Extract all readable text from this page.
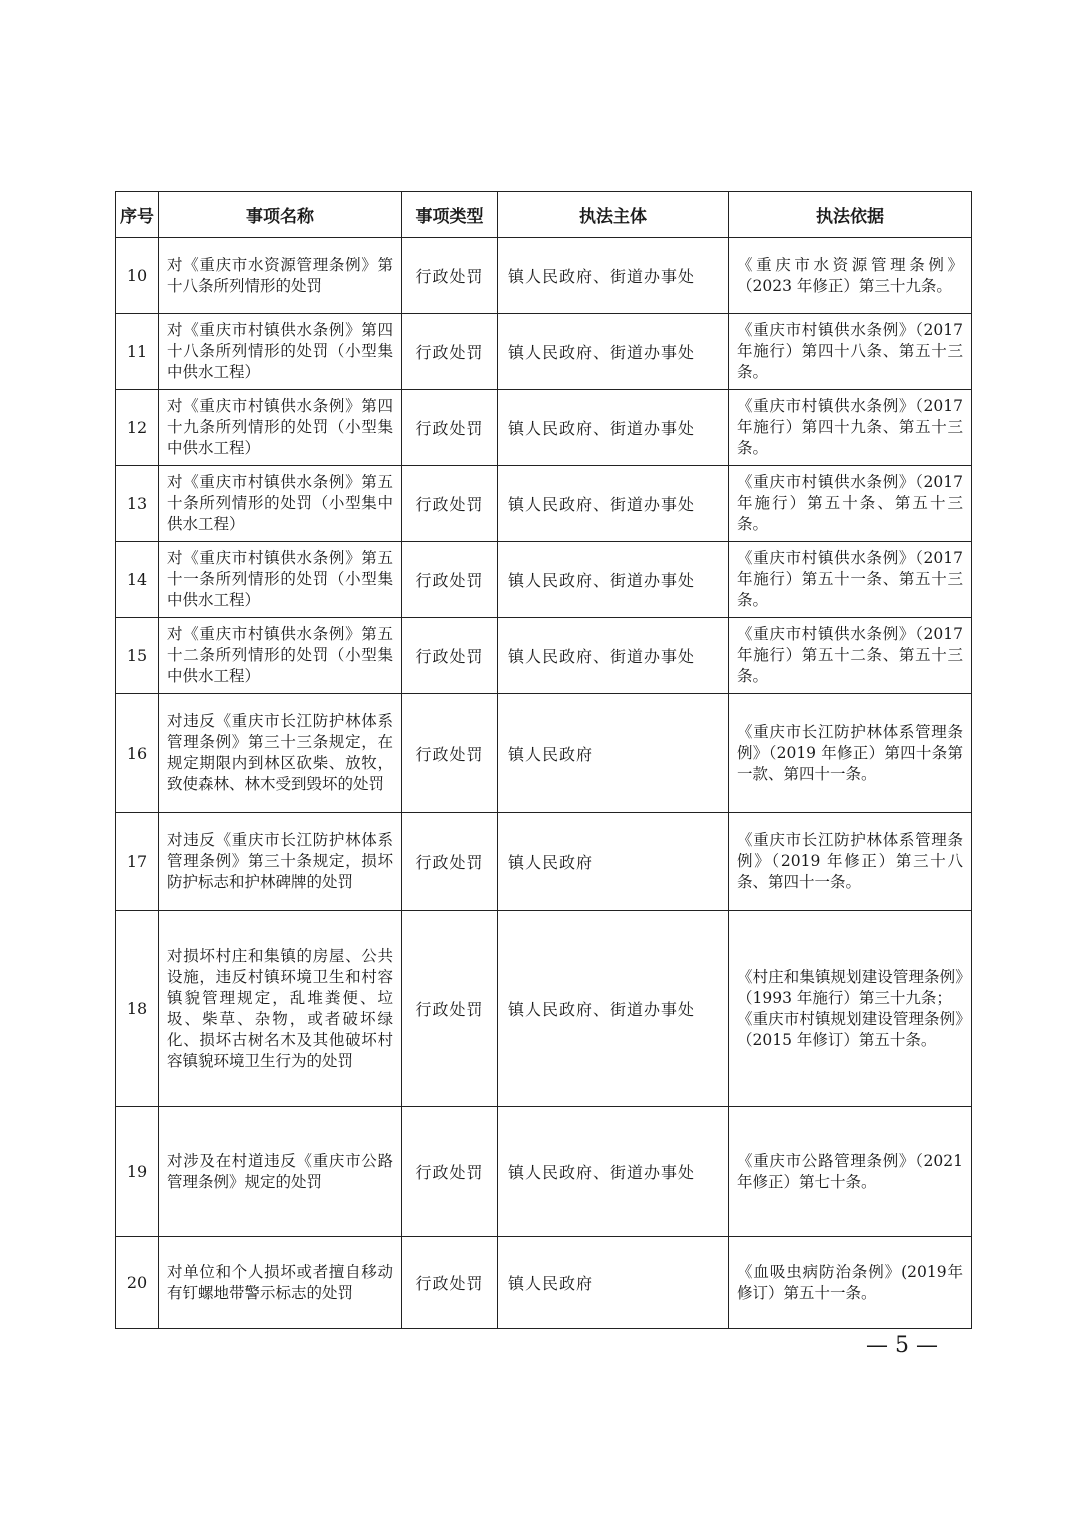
序号	事项名称	事项类型	执法主体	执法依据
10	对《重庆市水资源管理条例》第十八条所列情形的处罚	行政处罚	镇人民政府、街道办事处	《重庆市水资源管理条例》（2023 年修正）第三十九条。
11	对《重庆市村镇供水条例》第四十八条所列情形的处罚（小型集中供水工程）	行政处罚	镇人民政府、街道办事处	《重庆市村镇供水条例》（2017 年施行）第四十八条、第五十三条。
12	对《重庆市村镇供水条例》第四十九条所列情形的处罚（小型集中供水工程）	行政处罚	镇人民政府、街道办事处	《重庆市村镇供水条例》（2017 年施行）第四十九条、第五十三条。
13	对《重庆市村镇供水条例》第五十条所列情形的处罚（小型集中供水工程）	行政处罚	镇人民政府、街道办事处	《重庆市村镇供水条例》（2017 年施行）第五十条、第五十三条。
14	对《重庆市村镇供水条例》第五十一条所列情形的处罚（小型集中供水工程）	行政处罚	镇人民政府、街道办事处	《重庆市村镇供水条例》（2017 年施行）第五十一条、第五十三条。
15	对《重庆市村镇供水条例》第五十二条所列情形的处罚（小型集中供水工程）	行政处罚	镇人民政府、街道办事处	《重庆市村镇供水条例》（2017 年施行）第五十二条、第五十三条。
16	对违反《重庆市长江防护林体系管理条例》第三十三条规定，在规定期限内到林区砍柴、放牧，致使森林、林木受到毁坏的处罚	行政处罚	镇人民政府	《重庆市长江防护林体系管理条例》（2019 年修正）第四十条第一款、第四十一条。
17	对违反《重庆市长江防护林体系管理条例》第三十条规定，损坏防护标志和护林碑牌的处罚	行政处罚	镇人民政府	《重庆市长江防护林体系管理条例》（2019 年修正）第三十八条、第四十一条。
18	对损坏村庄和集镇的房屋、公共设施，违反村镇环境卫生和村容镇貌管理规定，乱堆粪便、垃圾、柴草、杂物，或者破坏绿化、损坏古树名木及其他破坏村容镇貌环境卫生行为的处罚	行政处罚	镇人民政府、街道办事处	《村庄和集镇规划建设管理条例》（1993 年施行）第三十九条；
《重庆市村镇规划建设管理条例》（2015 年修订）第五十条。
19	对涉及在村道违反《重庆市公路管理条例》规定的处罚	行政处罚	镇人民政府、街道办事处	《重庆市公路管理条例》（2021 年修正）第七十条。
20	对单位和个人损坏或者擅自移动有钉螺地带警示标志的处罚	行政处罚	镇人民政府	《血吸虫病防治条例》(2019年修订）第五十一条。
— 5 —
